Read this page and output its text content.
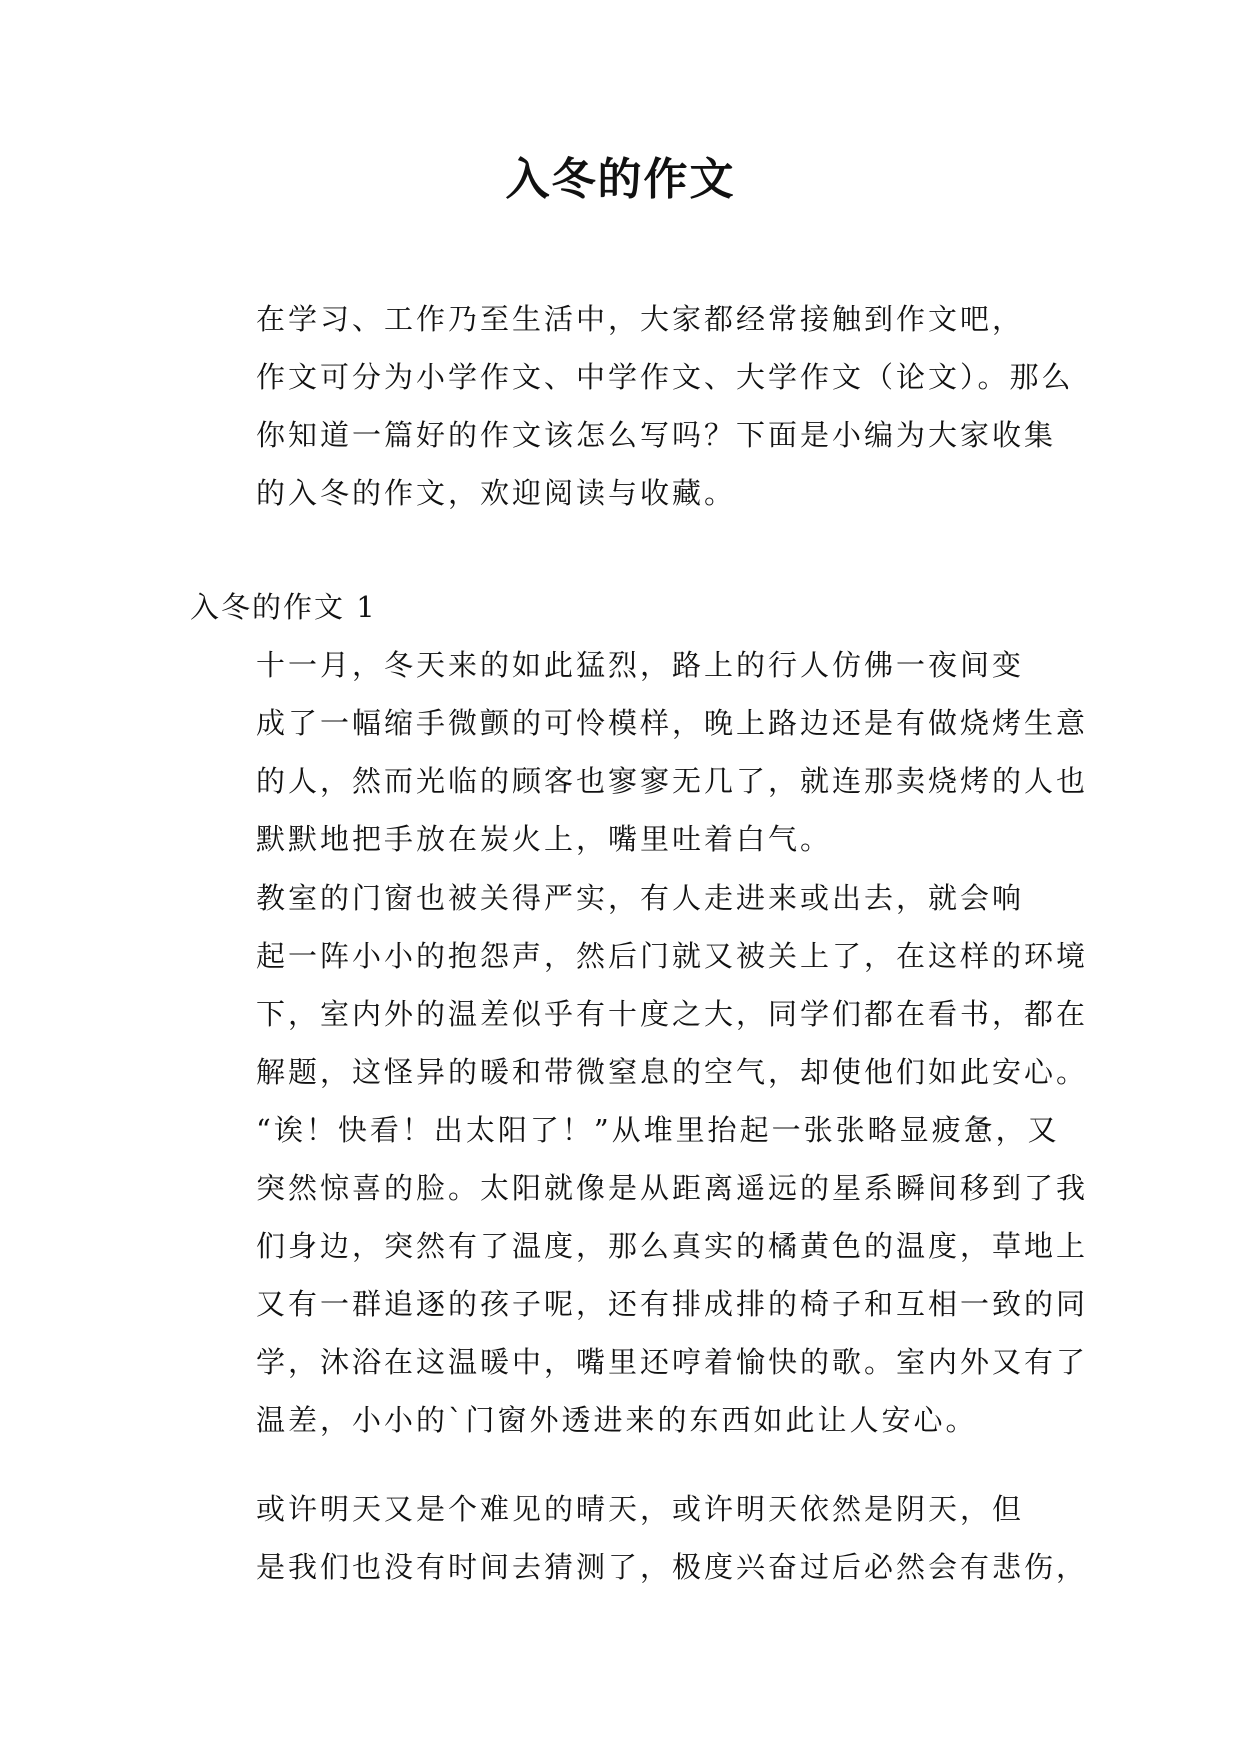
入冬的作文
在学习、工作乃至生活中，大家都经常接触到作文吧，
作文可分为小学作文、中学作文、大学作文（论文）。那么
你知道一篇好的作文该怎么写吗？下面是小编为大家收集
的入冬的作文，欢迎阅读与收藏。
入冬的作文 1
十一月，冬天来的如此猛烈，路上的行人仿佛一夜间变
成了一幅缩手微颤的可怜模样，晚上路边还是有做烧烤生意
的人，然而光临的顾客也寥寥无几了，就连那卖烧烤的人也
默默地把手放在炭火上，嘴里吐着白气。
教室的门窗也被关得严实，有人走进来或出去，就会响
起一阵小小的抱怨声，然后门就又被关上了，在这样的环境
下，室内外的温差似乎有十度之大，同学们都在看书，都在
解题，这怪异的暖和带微窒息的空气，却使他们如此安心。
“诶！快看！出太阳了！”从堆里抬起一张张略显疲惫，又
突然惊喜的脸。太阳就像是从距离遥远的星系瞬间移到了我
们身边，突然有了温度，那么真实的橘黄色的温度，草地上
又有一群追逐的孩子呢，还有排成排的椅子和互相一致的同
学，沐浴在这温暖中，嘴里还哼着愉快的歌。室内外又有了
温差，小小的`门窗外透进来的东西如此让人安心。
或许明天又是个难见的晴天，或许明天依然是阴天，但
是我们也没有时间去猜测了，极度兴奋过后必然会有悲伤，
